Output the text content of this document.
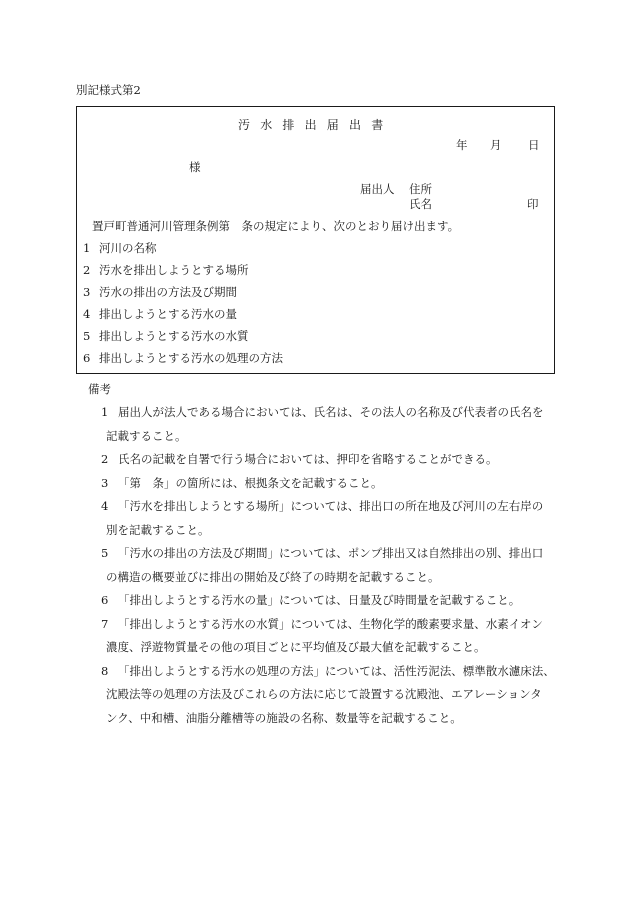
別記様式第2
汚水排出届出書
年 月 日
様
届出人 住所
氏名	印
置戸町普通河川管理条例第　条の規定により、次のとおり届け出ます。
1 河川の名称
2 汚水を排出しようとする場所
3 汚水の排出の方法及び期間
4 排出しようとする汚水の量
5 排出しようとする汚水の水質
6 排出しようとする汚水の処理の方法
備考
1 届出人が法人である場合においては、氏名は、その法人の名称及び代表者の氏名を
記載すること。
2 氏名の記載を自署で行う場合においては、押印を省略することができる。
3 「第　条」の箇所には、根拠条文を記載すること。
4 「汚水を排出しようとする場所」については、排出口の所在地及び河川の左右岸の
別を記載すること。
5 「汚水の排出の方法及び期間」については、ポンプ排出又は自然排出の別、排出口
の構造の概要並びに排出の開始及び終了の時期を記載すること。
6 「排出しようとする汚水の量」については、日量及び時間量を記載すること。
7 「排出しようとする汚水の水質」については、生物化学的酸素要求量、水素イオン
濃度、浮遊物質量その他の項目ごとに平均値及び最大値を記載すること。
8 「排出しようとする汚水の処理の方法」については、活性汚泥法、標準散水濾床法、
沈殿法等の処理の方法及びこれらの方法に応じて設置する沈殿池、エアレーションタ
ンク、中和槽、油脂分離槽等の施設の名称、数量等を記載すること。
